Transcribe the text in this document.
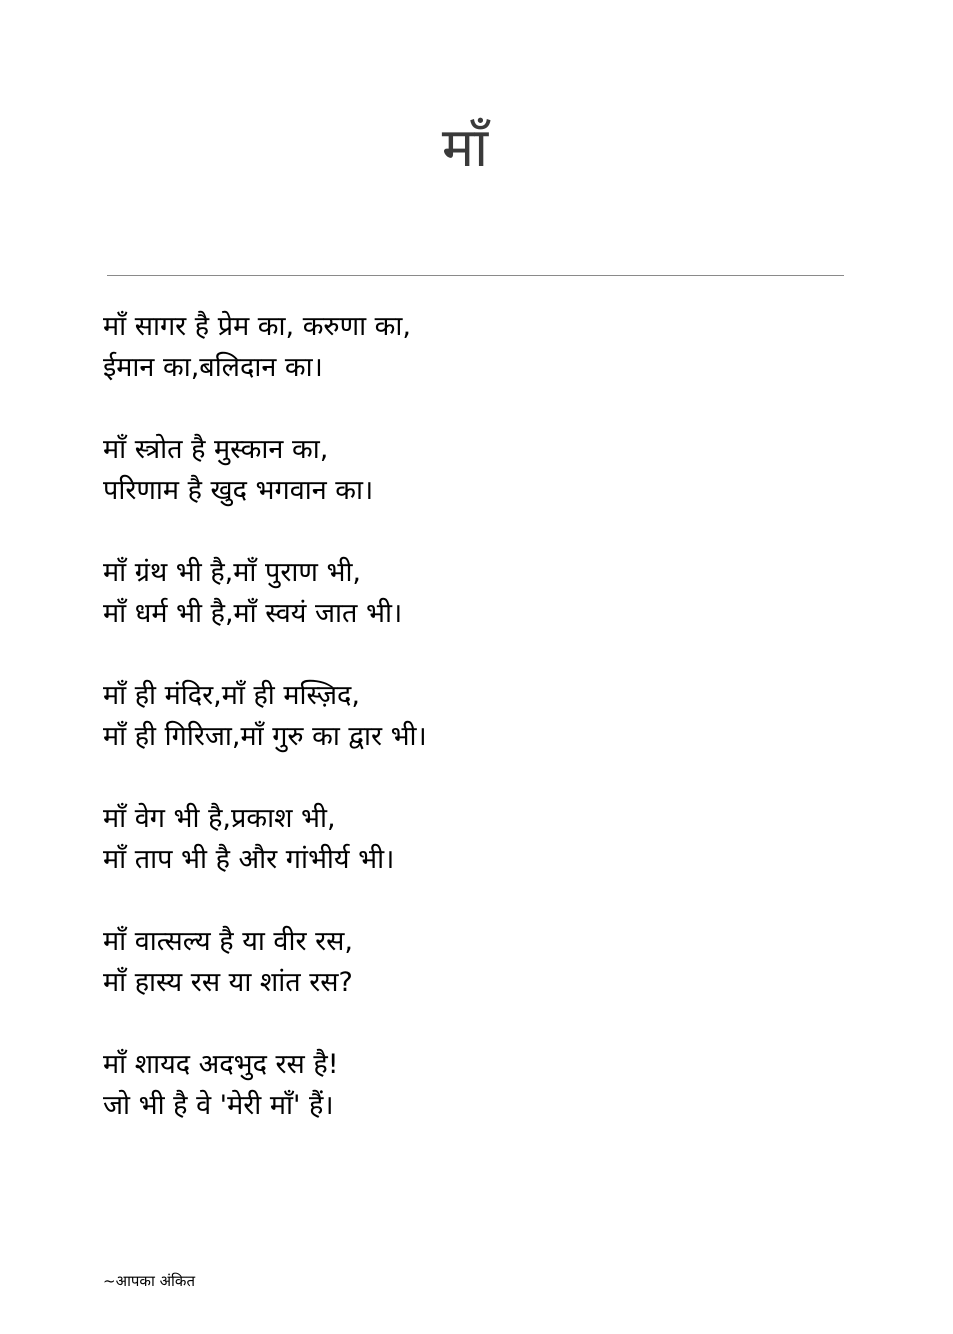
माँ
माँ सागर है प्रेम का, करुणा का,
ईमान का,बलिदान का।
माँ स्त्रोत है मुस्कान का,
परिणाम है खुद भगवान का।
माँ ग्रंथ भी है,माँ पुराण भी,
माँ धर्म भी है,माँ स्वयं जात भी।
माँ ही मंदिर,माँ ही मस्ज़िद,
माँ ही गिरिजा,माँ गुरु का द्वार भी।
माँ वेग भी है,प्रकाश भी,
माँ ताप भी है और गांभीर्य भी।
माँ वात्सल्य है या वीर रस,
माँ हास्य रस या शांत रस?
माँ शायद अदभुद रस है!
जो भी है वे 'मेरी माँ' हैं।
~आपका अंकित
